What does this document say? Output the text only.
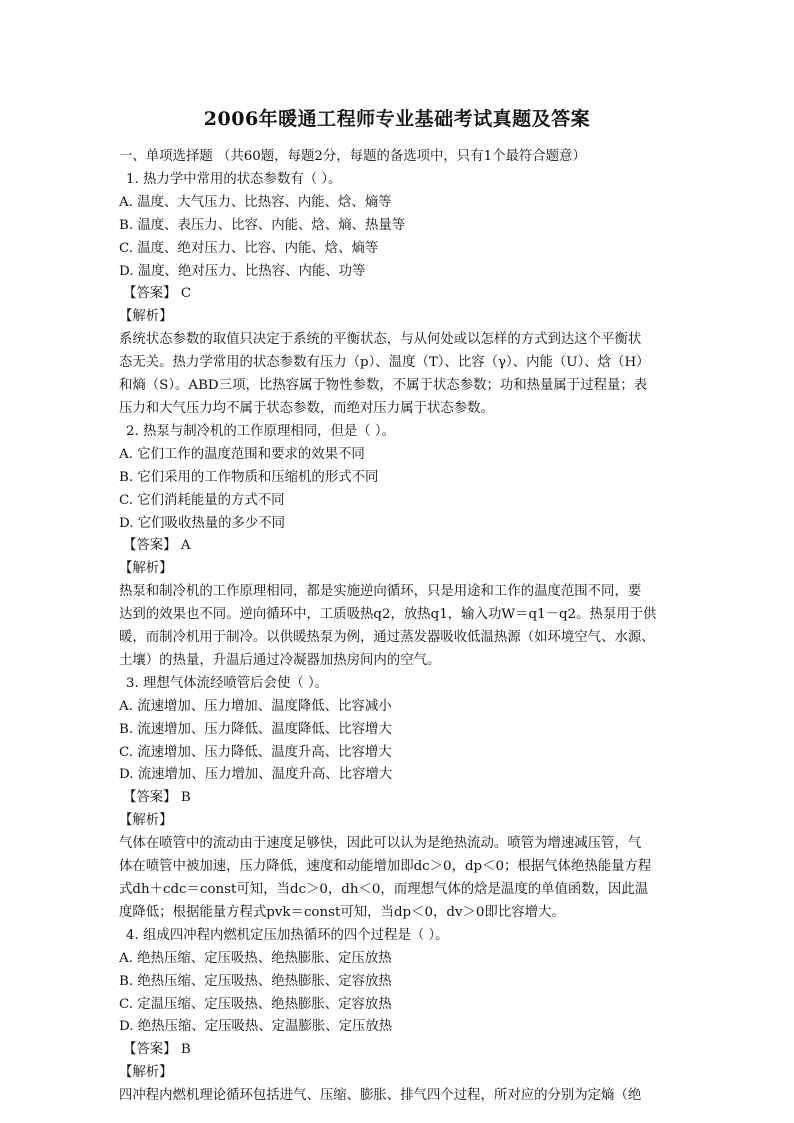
2006年暖通工程师专业基础考试真题及答案
一、单项选择题 （共60题，每题2分，每题的备选项中，只有1个最符合题意）
1. 热力学中常用的状态参数有（ ）。
A. 温度、大气压力、比热容、内能、焓、熵等
B. 温度、表压力、比容、内能、焓、熵、热量等
C. 温度、绝对压力、比容、内能、焓、熵等
D. 温度、绝对压力、比热容、内能、功等
【答案】 C
【解析】
系统状态参数的取值只决定于系统的平衡状态，与从何处或以怎样的方式到达这个平衡状
态无关。热力学常用的状态参数有压力（p）、温度（T）、比容（γ）、内能（U）、焓（H）
和熵（S）。ABD三项，比热容属于物性参数，不属于状态参数；功和热量属于过程量；表
压力和大气压力均不属于状态参数，而绝对压力属于状态参数。
2. 热泵与制冷机的工作原理相同，但是（ ）。
A. 它们工作的温度范围和要求的效果不同
B. 它们采用的工作物质和压缩机的形式不同
C. 它们消耗能量的方式不同
D. 它们吸收热量的多少不同
【答案】 A
【解析】
热泵和制冷机的工作原理相同，都是实施逆向循环，只是用途和工作的温度范围不同，要
达到的效果也不同。逆向循环中，工质吸热q2，放热q1，输入功W＝q1－q2。热泵用于供
暖，而制冷机用于制冷。以供暖热泵为例，通过蒸发器吸收低温热源（如环境空气、水源、
土壤）的热量，升温后通过冷凝器加热房间内的空气。
3. 理想气体流经喷管后会使（ ）。
A. 流速增加、压力增加、温度降低、比容减小
B. 流速增加、压力降低、温度降低、比容增大
C. 流速增加、压力降低、温度升高、比容增大
D. 流速增加、压力增加、温度升高、比容增大
【答案】 B
【解析】
气体在喷管中的流动由于速度足够快，因此可以认为是绝热流动。喷管为增速减压管，气
体在喷管中被加速，压力降低，速度和动能增加即dc＞0，dp＜0；根据气体绝热能量方程
式dh＋cdc＝const可知，当dc＞0，dh＜0，而理想气体的焓是温度的单值函数，因此温
度降低；根据能量方程式pvk＝const可知，当dp＜0，dv＞0即比容增大。
4. 组成四冲程内燃机定压加热循环的四个过程是（ ）。
A. 绝热压缩、定压吸热、绝热膨胀、定压放热
B. 绝热压缩、定压吸热、绝热膨胀、定容放热
C. 定温压缩、定压吸热、绝热膨胀、定容放热
D. 绝热压缩、定压吸热、定温膨胀、定压放热
【答案】 B
【解析】
四冲程内燃机理论循环包括进气、压缩、膨胀、排气四个过程，所对应的分别为定熵（绝
